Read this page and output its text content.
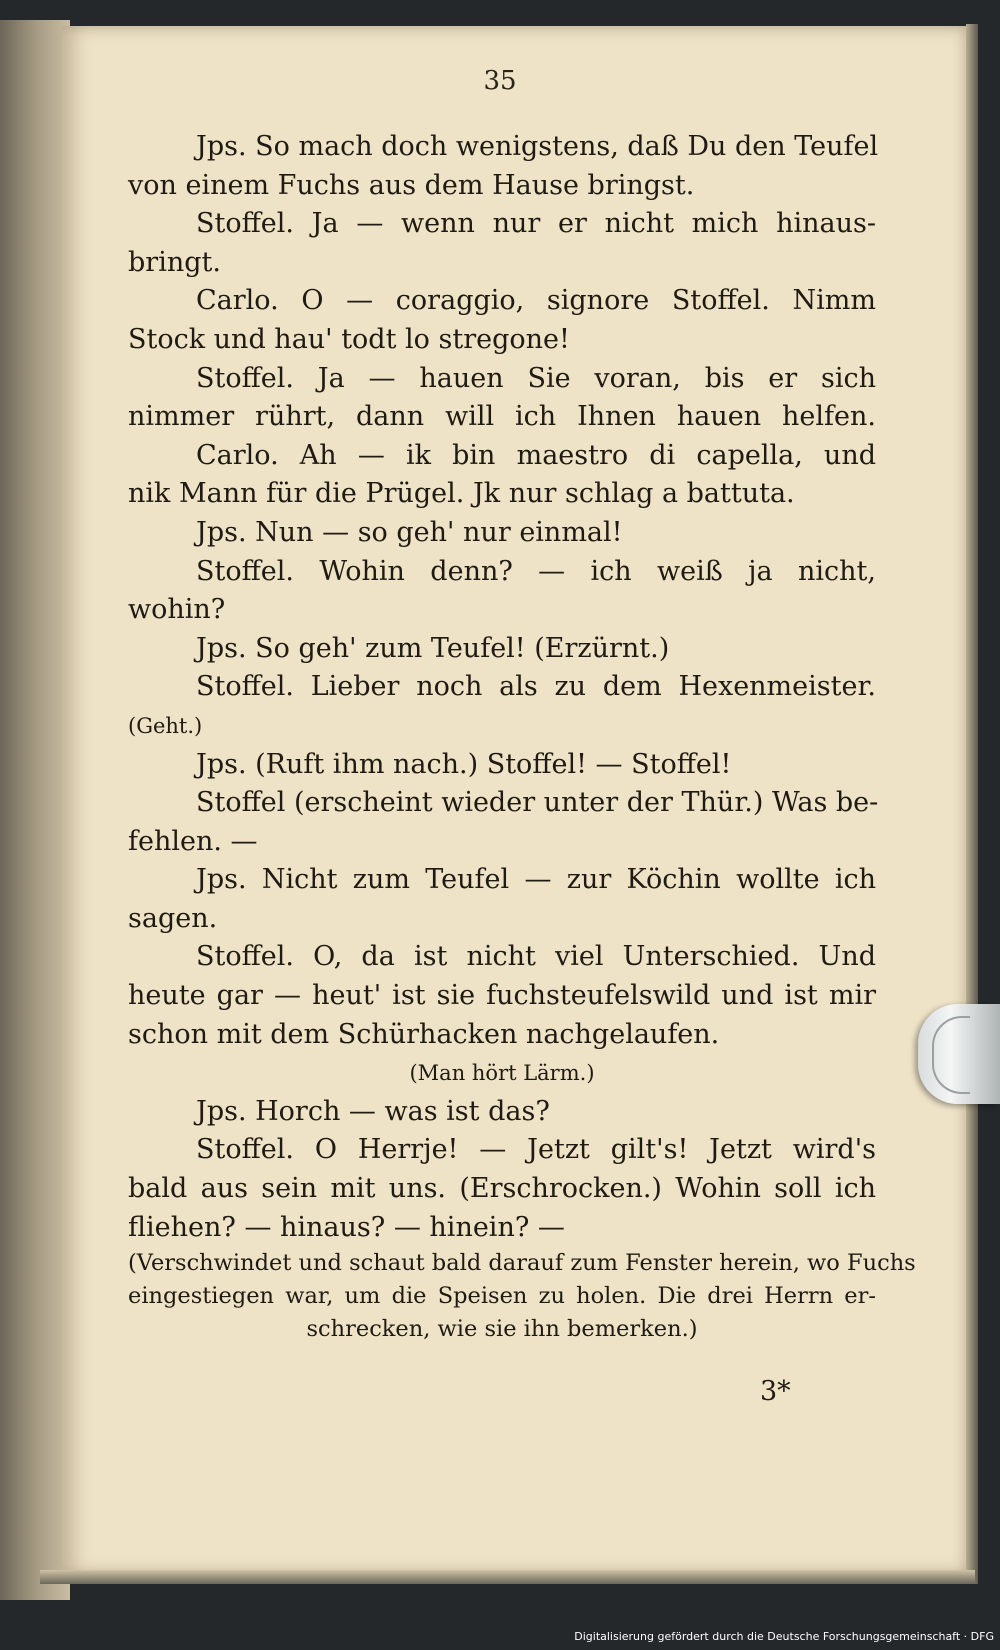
35
Jps. So mach doch wenigstens, daß Du den Teufel
von einem Fuchs aus dem Hause bringst.
Stoffel. Ja — wenn nur er nicht mich hinaus-
bringt.
Carlo. O — coraggio, signore Stoffel. Nimm
Stock und hau' todt lo stregone!
Stoffel. Ja — hauen Sie voran, bis er sich
nimmer rührt, dann will ich Ihnen hauen helfen.
Carlo. Ah — ik bin maestro di capella, und
nik Mann für die Prügel. Jk nur schlag a battuta.
Jps. Nun — so geh' nur einmal!
Stoffel. Wohin denn? — ich weiß ja nicht,
wohin?
Jps. So geh' zum Teufel! (Erzürnt.)
Stoffel. Lieber noch als zu dem Hexenmeister.
(Geht.)
Jps. (Ruft ihm nach.) Stoffel! — Stoffel!
Stoffel (erscheint wieder unter der Thür.) Was be-
fehlen. —
Jps. Nicht zum Teufel — zur Köchin wollte ich
sagen.
Stoffel. O, da ist nicht viel Unterschied. Und
heute gar — heut' ist sie fuchsteufelswild und ist mir
schon mit dem Schürhacken nachgelaufen.
(Man hört Lärm.)
Jps. Horch — was ist das?
Stoffel. O Herrje! — Jetzt gilt's! Jetzt wird's
bald aus sein mit uns. (Erschrocken.) Wohin soll ich
fliehen? — hinaus? — hinein? —
(Verschwindet und schaut bald darauf zum Fenster herein, wo Fuchs
eingestiegen war, um die Speisen zu holen. Die drei Herrn er-
schrecken, wie sie ihn bemerken.)
3*
Digitalisierung gefördert durch die Deutsche Forschungsgemeinschaft · DFG
